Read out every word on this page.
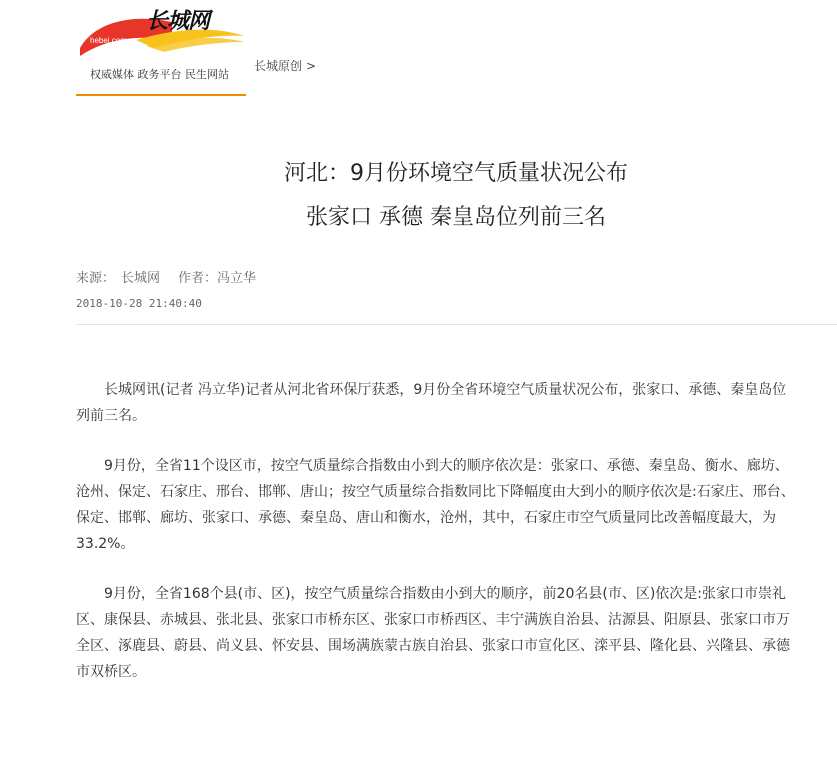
长城网
hebei.com.cn
权威媒体 政务平台 民生网站
长城原创 >
河北：9月份环境空气质量状况公布
张家口 承德 秦皇岛位列前三名
来源： 长城网 作者：冯立华
2018-10-28 21:40:40

长城网讯(记者 冯立华)记者从河北省环保厅获悉，9月份全省环境空气质量状况公布，张家口、承德、秦皇岛位列前三名。

9月份，全省11个设区市，按空气质量综合指数由小到大的顺序依次是：张家口、承德、秦皇岛、衡水、廊坊、沧州、保定、石家庄、邢台、邯郸、唐山；按空气质量综合指数同比下降幅度由大到小的顺序依次是:石家庄、邢台、保定、邯郸、廊坊、张家口、承德、秦皇岛、唐山和衡水，沧州，其中，石家庄市空气质量同比改善幅度最大，为33.2%。

9月份，全省168个县(市、区)，按空气质量综合指数由小到大的顺序，前20名县(市、区)依次是:张家口市崇礼区、康保县、赤城县、张北县、张家口市桥东区、张家口市桥西区、丰宁满族自治县、沽源县、阳原县、张家口市万全区、涿鹿县、蔚县、尚义县、怀安县、围场满族蒙古族自治县、张家口市宣化区、滦平县、隆化县、兴隆县、承德市双桥区。
